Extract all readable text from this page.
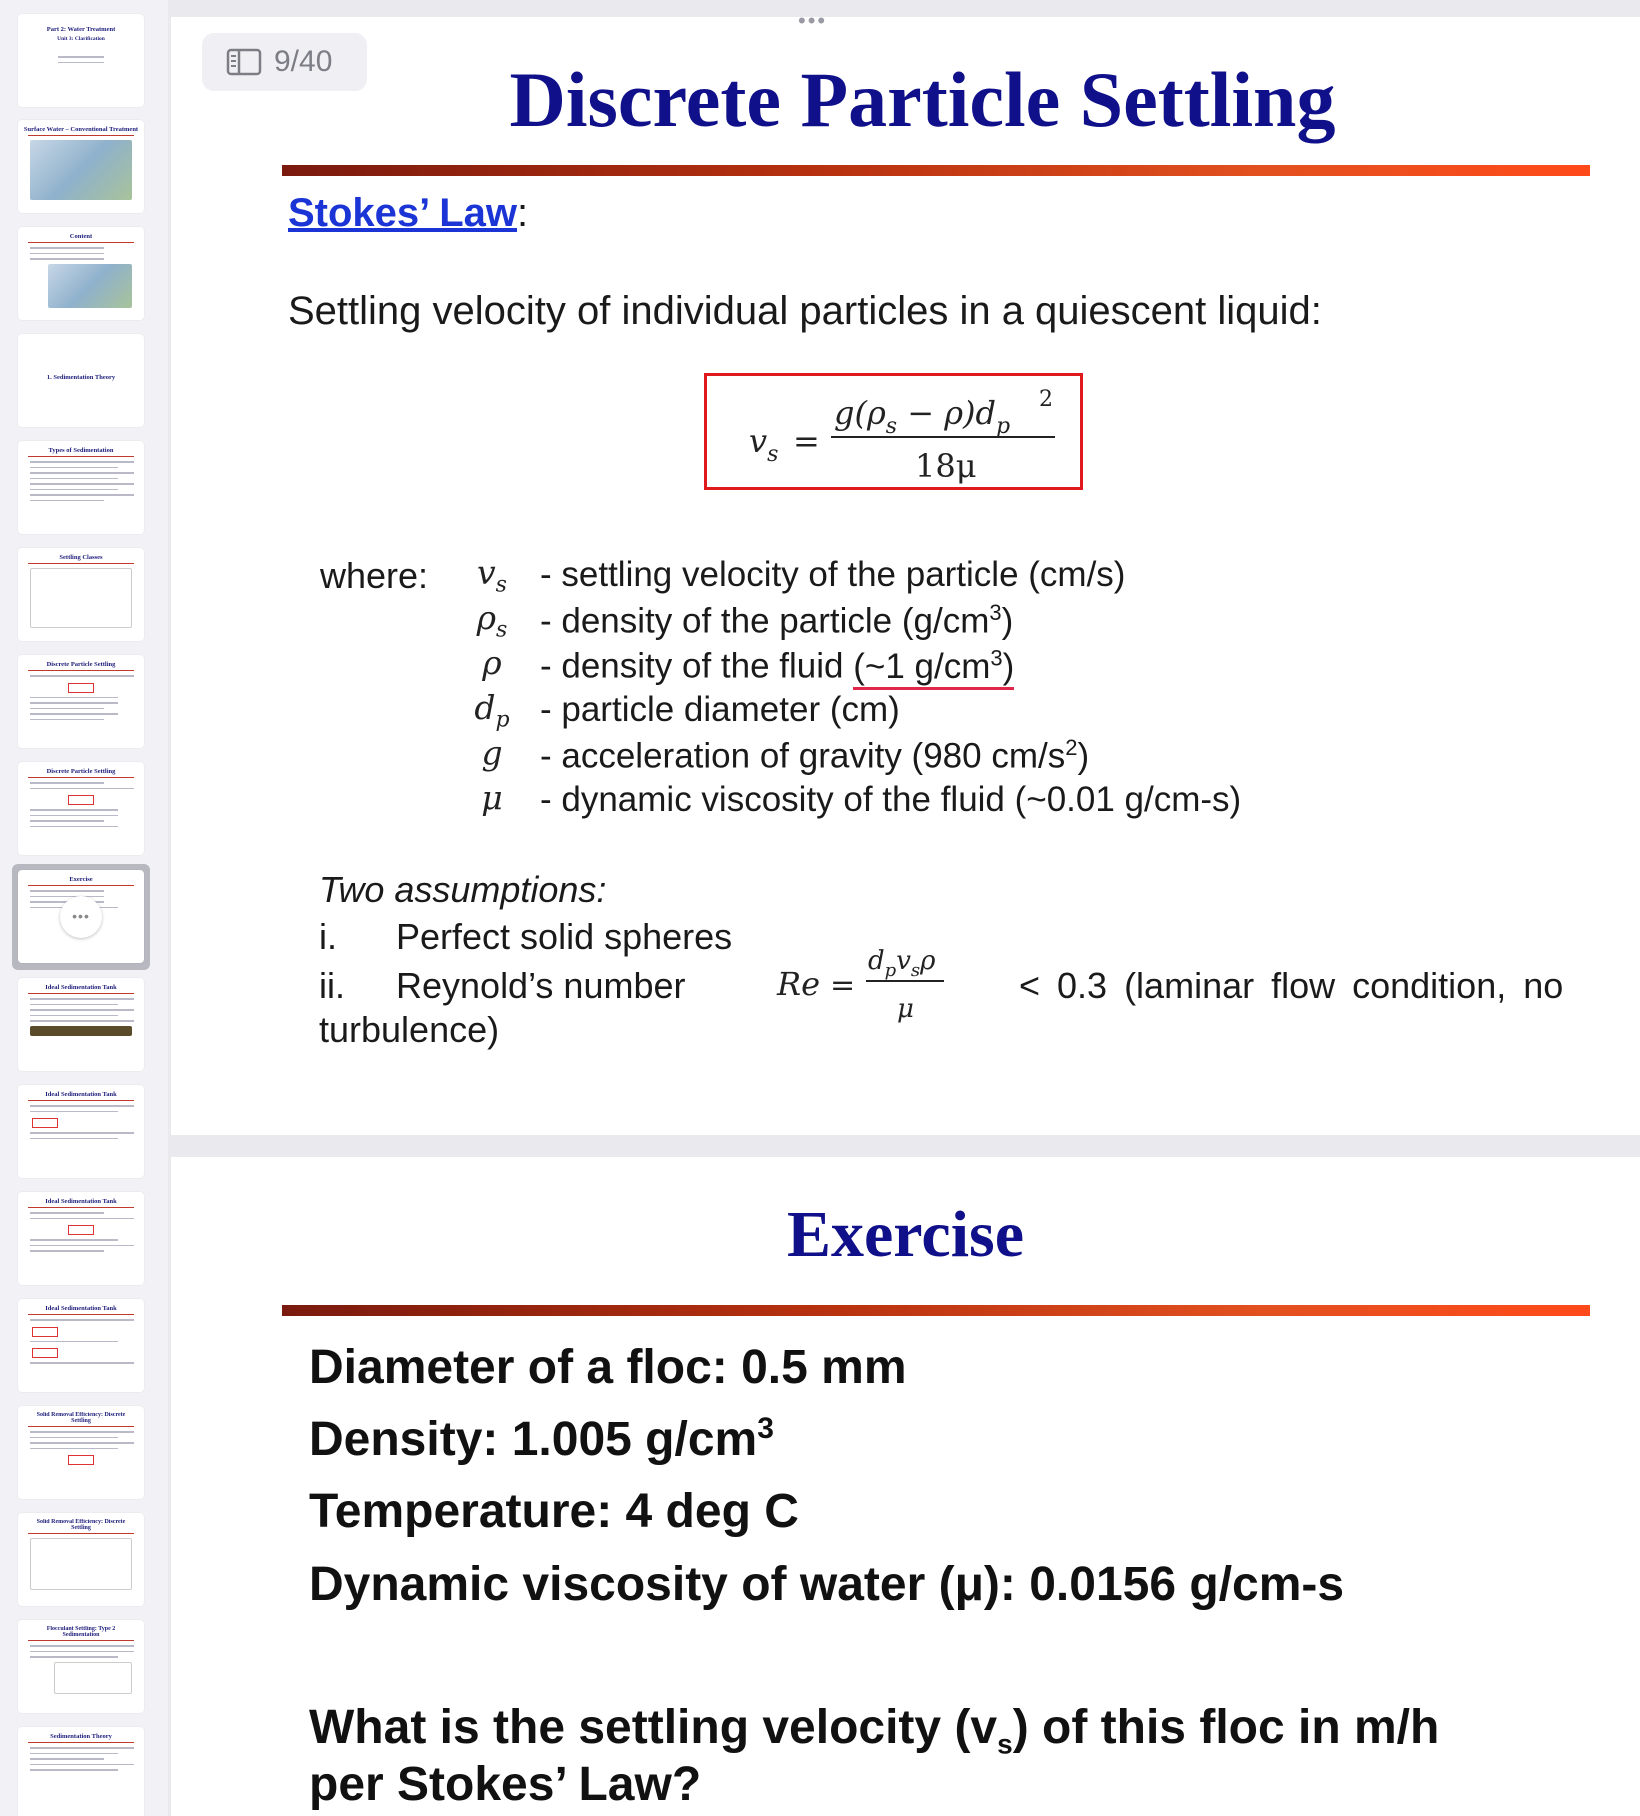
Part 2: Water Treatment
Unit 3: Clarification
Surface Water – Conventional Treatment
Content
1. Sedimentation Theory
Types of Sedimentation
Settling Classes
Discrete Particle Settling
Discrete Particle Settling
Exercise
•••
Ideal Sedimentation Tank
Ideal Sedimentation Tank
Ideal Sedimentation Tank
Ideal Sedimentation Tank
Solid Removal Efficiency: Discrete Settling
Solid Removal Efficiency: Discrete Settling
Flocculant Settling: Type 2 Sedimentation
Sedimentation Theory
Discrete Particle Settling
Stokes’ Law:
Settling velocity of individual particles in a quiescent liquid:
$v_s$ =
$g(\rho_s - \rho)d_p$
2
18μ
where: $v_s$ - settling velocity of the particle (cm/s)
$\rho_s$ - density of the particle $(g/cm^3)$
ρ	- density of the fluid (~1 $g/cm^3$)
$d_p$ - particle diameter (cm)
g	- acceleration of gravity (980 $cm/s^2$)
μ	- dynamic viscosity of the fluid (~0.01 g/cm-s)
Two assumptions:
i. Perfect solid spheres
ii. Reynold’s number	Re =
$d_pv_s\rho$
μ
< 0.3 (laminar flow condition, no
turbulence)
Exercise
Diameter of a floc: 0.5 mm
Density: 1.005 $g/cm^3$
Temperature: 4 deg C
Dynamic viscosity of water (μ): 0.0156 g/cm-s
What is the settling velocity $(v_s)$ of this floc in m/h
per Stokes’ Law?
•••
9/40
